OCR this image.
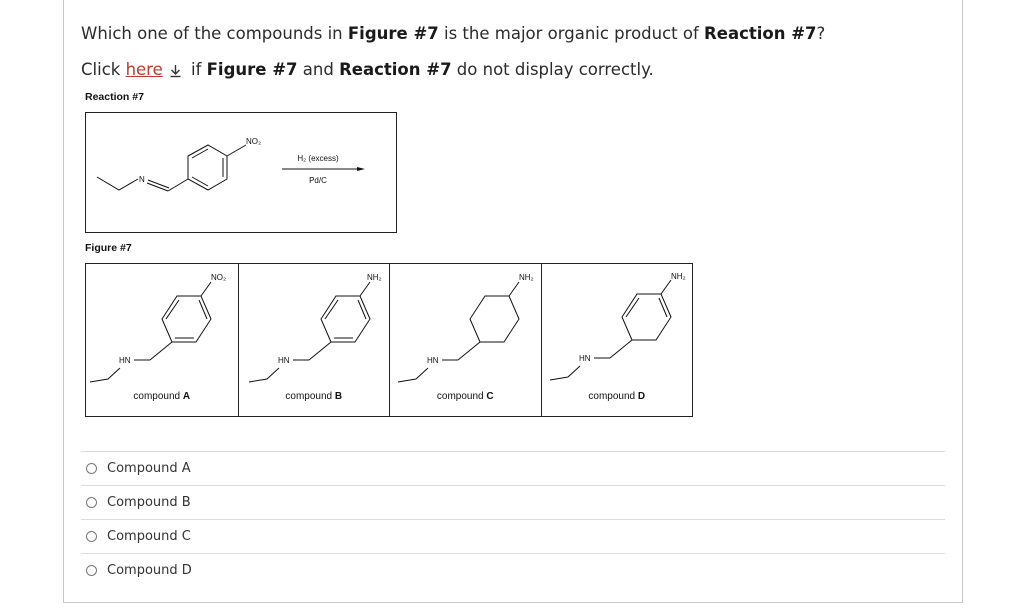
Which one of the compounds in Figure #7 is the major organic product of Reaction #7?
Click here if Figure #7 and Reaction #7 do not display correctly.
Reaction #7
N
NO₂
H₂ (excess)
Pd/C
Figure #7
HN
NO₂
compound A
HN
NH₂
compound B
HN
NH₂
compound C
HN
NH₂
compound D
Compound A
Compound B
Compound C
Compound D
